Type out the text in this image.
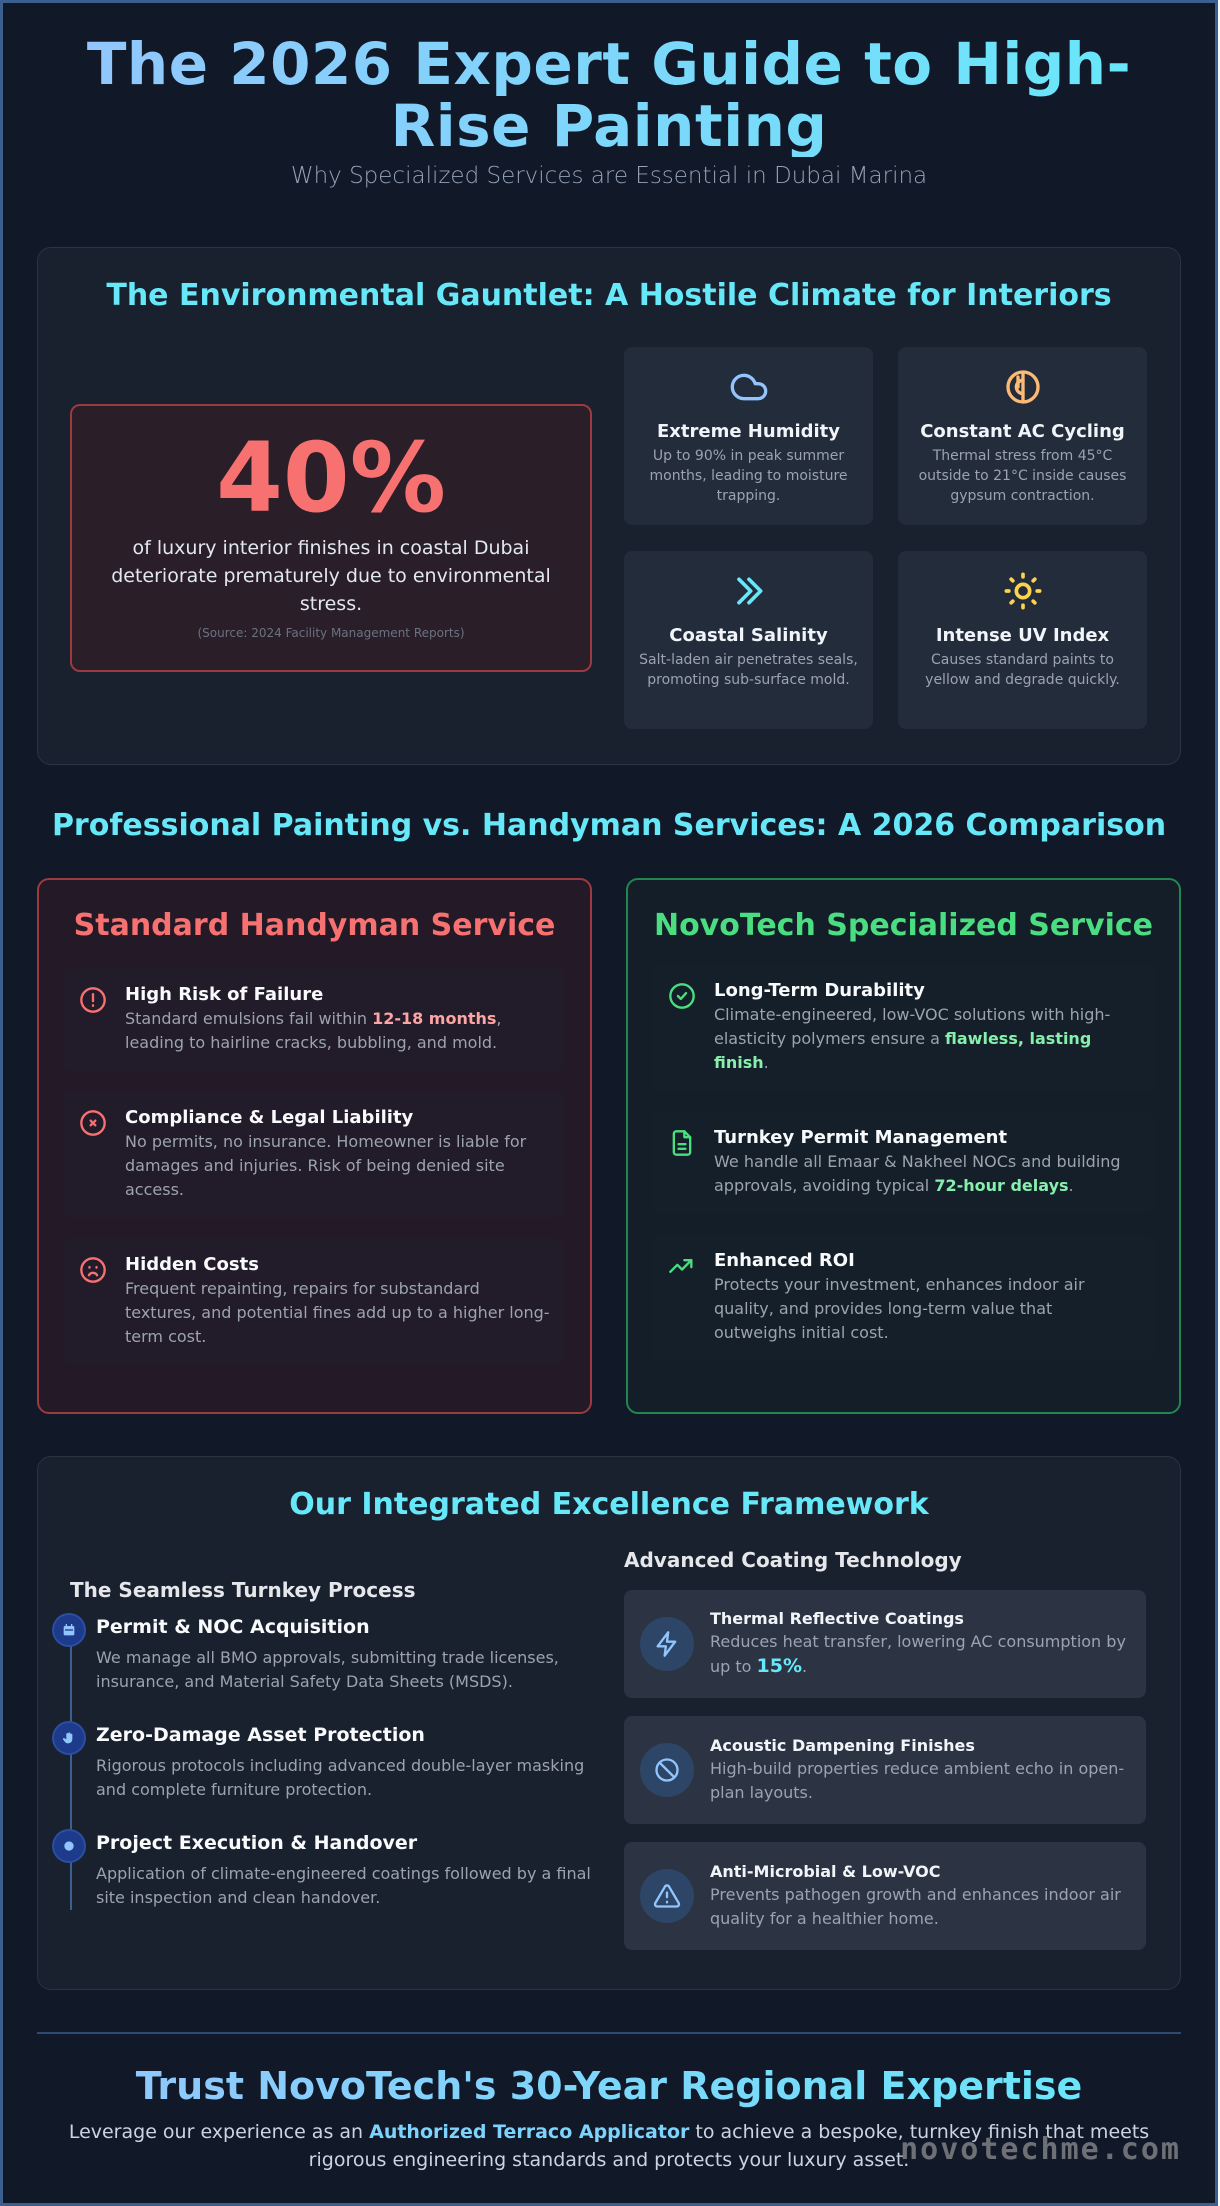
The 2026 Expert Guide to High-Rise Painting
Why Specialized Services are Essential in Dubai Marina
The Environmental Gauntlet: A Hostile Climate for Interiors
40%
of luxury interior finishes in coastal Dubai deteriorate prematurely due to environmental stress.
(Source: 2024 Facility Management Reports)
Extreme Humidity
Up to 90% in peak summer months, leading to moisture trapping.
Constant AC Cycling
Thermal stress from 45°C outside to 21°C inside causes gypsum contraction.
Coastal Salinity
Salt-laden air penetrates seals, promoting sub-surface mold.
Intense UV Index
Causes standard paints to yellow and degrade quickly.
Professional Painting vs. Handyman Services: A 2026 Comparison
Standard Handyman Service
High Risk of Failure
Standard emulsions fail within 12-18 months, leading to hairline cracks, bubbling, and mold.
Compliance & Legal Liability
No permits, no insurance. Homeowner is liable for damages and injuries. Risk of being denied site access.
Hidden Costs
Frequent repainting, repairs for substandard textures, and potential fines add up to a higher long-term cost.
NovoTech Specialized Service
Long-Term Durability
Climate-engineered, low-VOC solutions with high-elasticity polymers ensure a flawless, lasting finish.
Turnkey Permit Management
We handle all Emaar & Nakheel NOCs and building approvals, avoiding typical 72-hour delays.
Enhanced ROI
Protects your investment, enhances indoor air quality, and provides long-term value that outweighs initial cost.
Our Integrated Excellence Framework
The Seamless Turnkey Process
Permit & NOC Acquisition
We manage all BMO approvals, submitting trade licenses, insurance, and Material Safety Data Sheets (MSDS).
Zero-Damage Asset Protection
Rigorous protocols including advanced double-layer masking and complete furniture protection.
Project Execution & Handover
Application of climate-engineered coatings followed by a final site inspection and clean handover.
Advanced Coating Technology
Thermal Reflective Coatings
Reduces heat transfer, lowering AC consumption by up to 15%.
Acoustic Dampening Finishes
High-build properties reduce ambient echo in open-plan layouts.
Anti-Microbial & Low-VOC
Prevents pathogen growth and enhances indoor air quality for a healthier home.
Trust NovoTech's 30-Year Regional Expertise

Leverage our experience as an Authorized Terraco Applicator to achieve a bespoke, turnkey finish that meets rigorous engineering standards and protects your luxury asset.

novotechme.com
